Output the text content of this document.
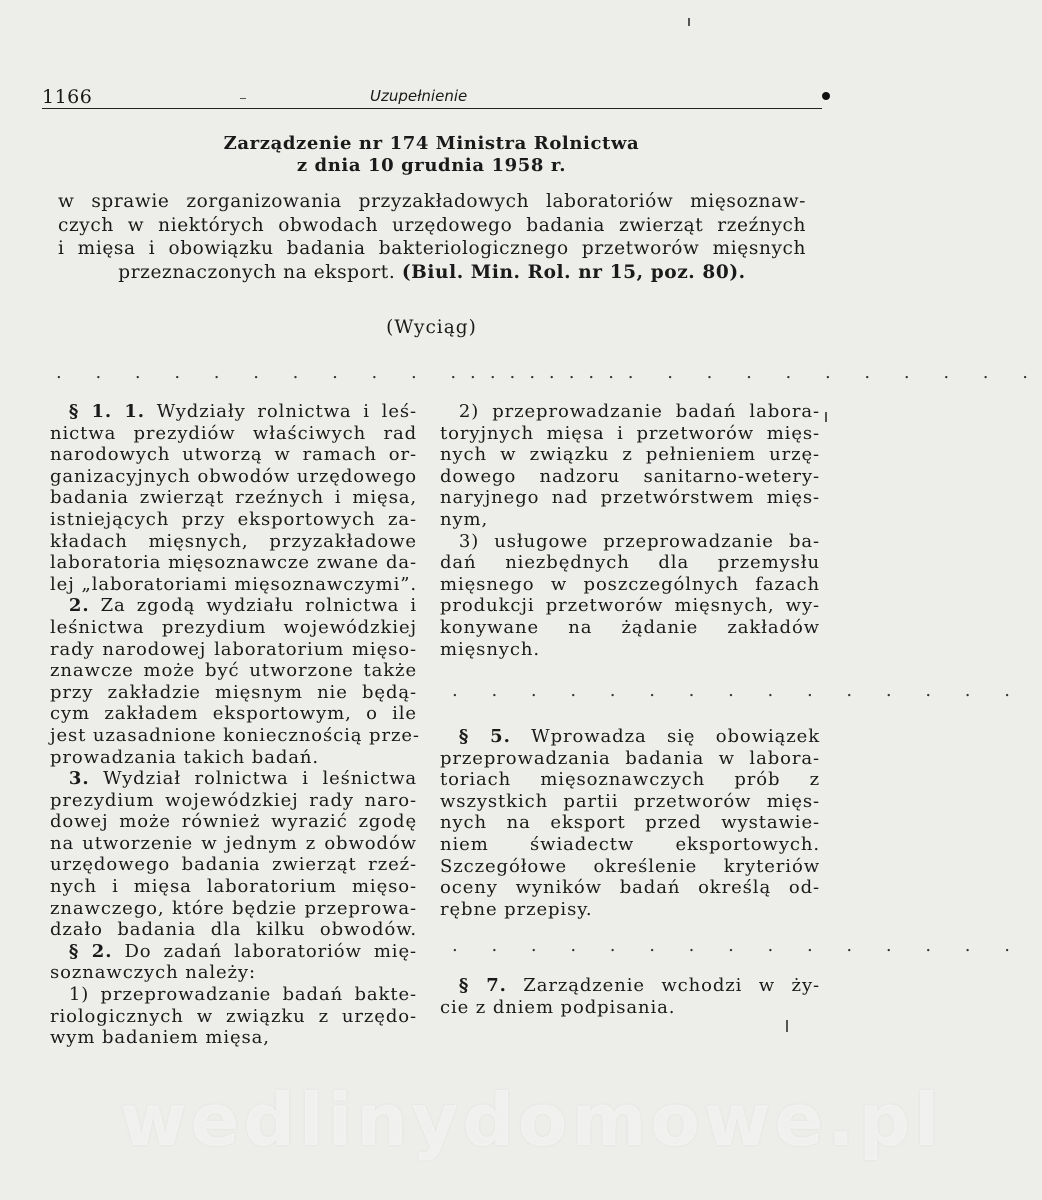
1166	Uzupełnienie
Zarządzenie nr 174 Ministra Rolnictwa
z dnia 10 grudnia 1958 r.
w sprawie zorganizowania przyzakładowych laboratoriów mięsoznaw-
czych w niektórych obwodach urzędowego badania zwierząt rzeźnych
i mięsa i obowiązku badania bakteriologicznego przetworów mięsnych
przeznaczonych na eksport. (Biul. Min. Rol. nr 15, poz. 80).
(Wyciąg)
. . . . . . . . . . . . . . .
. . . . . . . . . . . . . . .
 § 1. 1. Wydziały rolnictwa i leś-
nictwa prezydiów właściwych rad
narodowych utworzą w ramach or-
ganizacyjnych obwodów urzędowego
badania zwierząt rzeźnych i mięsa,
istniejących przy eksportowych za-
kładach mięsnych, przyzakładowe
laboratoria mięsoznawcze zwane da-
lej „laboratoriami mięsoznawczymi”.
 2. Za zgodą wydziału rolnictwa i
leśnictwa prezydium wojewódzkiej
rady narodowej laboratorium mięso-
znawcze może być utworzone także
przy zakładzie mięsnym nie będą-
cym zakładem eksportowym, o ile
jest uzasadnione koniecznością prze-
prowadzania takich badań.
 3. Wydział rolnictwa i leśnictwa
prezydium wojewódzkiej rady naro-
dowej może również wyrazić zgodę
na utworzenie w jednym z obwodów
urzędowego badania zwierząt rzeź-
nych i mięsa laboratorium mięso-
znawczego, które będzie przeprowa-
dzało badania dla kilku obwodów.
 § 2. Do zadań laboratoriów mię-
soznawczych należy:
 1) przeprowadzanie badań bakte-
riologicznych w związku z urzędo-
wym badaniem mięsa,
 2) przeprowadzanie badań labora-
toryjnych mięsa i przetworów mięs-
nych w związku z pełnieniem urzę-
dowego nadzoru sanitarno-wetery-
naryjnego nad przetwórstwem mięs-
nym,
 3) usługowe przeprowadzanie ba-
dań niezbędnych dla przemysłu
mięsnego w poszczególnych fazach
produkcji przetworów mięsnych, wy-
konywane na żądanie zakładów
mięsnych.
. . . . . . . . . . . . . . .
 § 5. Wprowadza się obowiązek
przeprowadzania badania w labora-
toriach mięsoznawczych prób z
wszystkich partii przetworów mięs-
nych na eksport przed wystawie-
niem świadectw eksportowych.
Szczegółowe określenie kryteriów
oceny wyników badań określą od-
rębne przepisy.
. . . . . . . . . . . . . . .
 § 7. Zarządzenie wchodzi w ży-
cie z dniem podpisania.
wedlinydomowe.pl
